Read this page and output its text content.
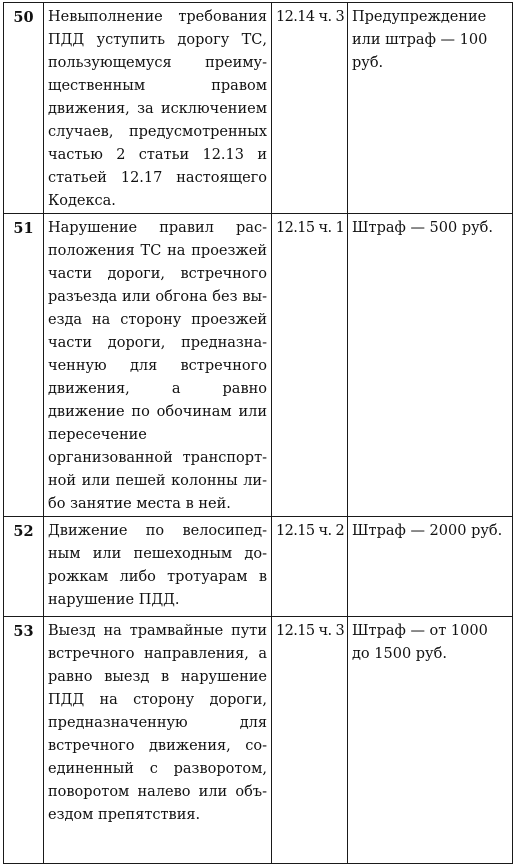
50	Невыполнение требования ПДД уступить дорогу ТС, пользующемуся преимущественным правом движения, за исключением случаев, предусмотренных частью 2 статьи 12.13 и статьей 12.17 настоящего Кодекса.	12.14 ч. 3	Предупреждение или штраф — 100 руб.
51	Нарушение правил расположения ТС на проезжей части дороги, встречного разъезда или обгона без выезда на сторону проезжей части дороги, предназначенную для встречного движения, а равно движение по обочинам или пересечение организованной транспортной или пешей колонны либо занятие места в ней.	12.15 ч. 1	Штраф — 500 руб.
52	Движение по велосипедным или пешеходным дорожкам либо тротуарам в нарушение ПДД.	12.15 ч. 2	Штраф — 2000 руб.
53	Выезд на трамвайные пути встречного направления, а равно выезд в нарушение ПДД на сторону дороги, предназначенную для встречного движения, соединенный с разворотом, поворотом налево или объездом препятствия.	12.15 ч. 3	Штраф — от 1000 до 1500 руб.
